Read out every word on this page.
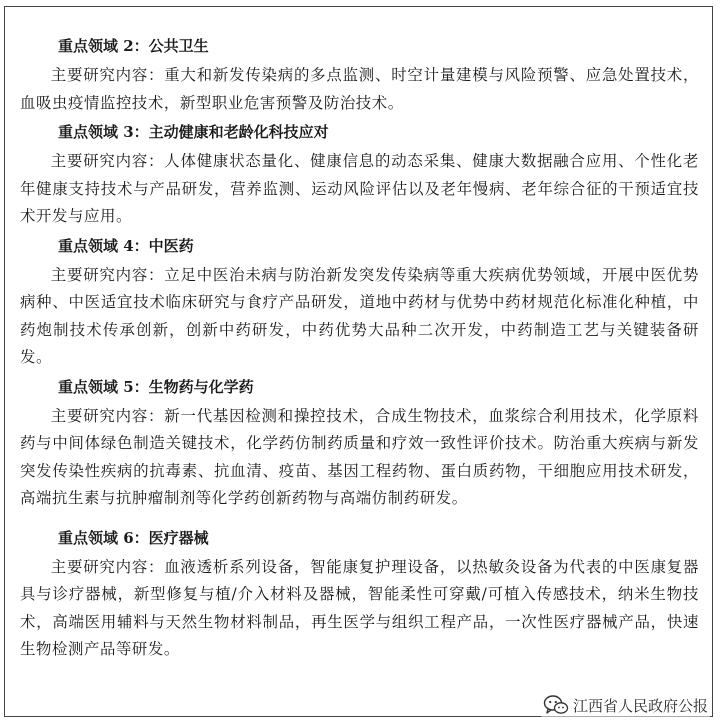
重点领域 2：公共卫生

主要研究内容：重大和新发传染病的多点监测、时空计量建模与风险预警、应急处置技术，血吸虫疫情监控技术，新型职业危害预警及防治技术。

重点领域 3：主动健康和老龄化科技应对

主要研究内容：人体健康状态量化、健康信息的动态采集、健康大数据融合应用、个性化老年健康支持技术与产品研发，营养监测、运动风险评估以及老年慢病、老年综合征的干预适宜技术开发与应用。

重点领域 4：中医药

主要研究内容：立足中医治未病与防治新发突发传染病等重大疾病优势领域，开展中医优势病种、中医适宜技术临床研究与食疗产品研发，道地中药材与优势中药材规范化标准化种植，中药炮制技术传承创新，创新中药研发，中药优势大品种二次开发，中药制造工艺与关键装备研发。

重点领域 5：生物药与化学药

主要研究内容：新一代基因检测和操控技术，合成生物技术，血浆综合利用技术，化学原料药与中间体绿色制造关键技术，化学药仿制药质量和疗效一致性评价技术。防治重大疾病与新发突发传染性疾病的抗毒素、抗血清、疫苗、基因工程药物、蛋白质药物，干细胞应用技术研发，高端抗生素与抗肿瘤制剂等化学药创新药物与高端仿制药研发。

重点领域 6：医疗器械

主要研究内容：血液透析系列设备，智能康复护理设备，以热敏灸设备为代表的中医康复器具与诊疗器械，新型修复与植/介入材料及器械，智能柔性可穿戴/可植入传感技术，纳米生物技术，高端医用辅料与天然生物材料制品，再生医学与组织工程产品，一次性医疗器械产品，快速生物检测产品等研发。

江西省人民政府公报
